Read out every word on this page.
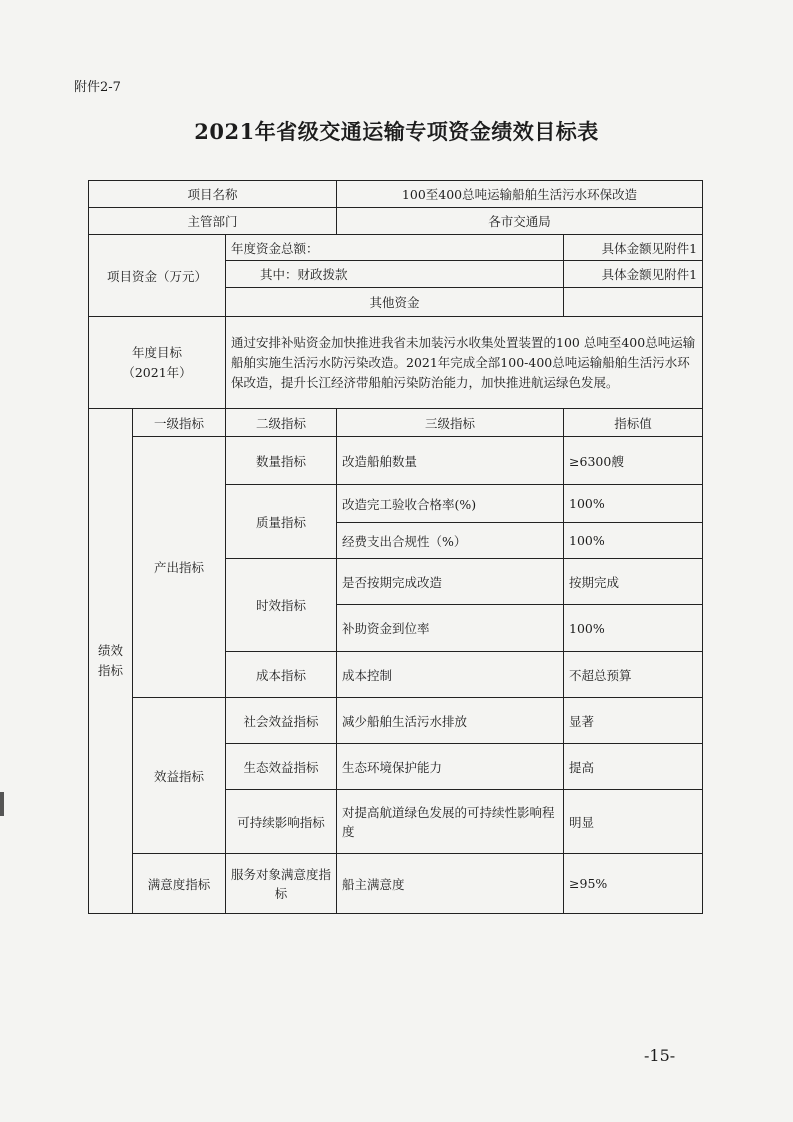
附件2-7
2021年省级交通运输专项资金绩效目标表
项目名称			100至400总吨运输船舶生活污水环保改造	
主管部门			各市交通局	
项目资金（万元）		年度资金总额：		具体金额见附件1
		其中：财政拨款		具体金额见附件1
		其他资金		

年度目标
（2021年）		通过安排补贴资金加快推进我省未加装污水收集处置装置的100 总吨至400总吨运输船舶实施生活污水防污染改造。2021年完成全部100-400总吨运输船舶生活污水环保改造，提升长江经济带船舶污染防治能力，加快推进航运绿色发展。		

绩效
指标	一级指标	二级指标	三级指标	指标值
	产出指标	数量指标	改造船舶数量	≥6300艘
		质量指标	改造完工验收合格率(%)	100%
			经费支出合规性（%）	100%
		时效指标	是否按期完成改造	按期完成
			补助资金到位率	100%
		成本指标	成本控制	不超总预算
	效益指标	社会效益指标	减少船舶生活污水排放	显著
		生态效益指标	生态环境保护能力	提高
		可持续影响指标	对提高航道绿色发展的可持续性影响程度	明显
	满意度指标	服务对象满意度指标	船主满意度	≥95%
-15-
